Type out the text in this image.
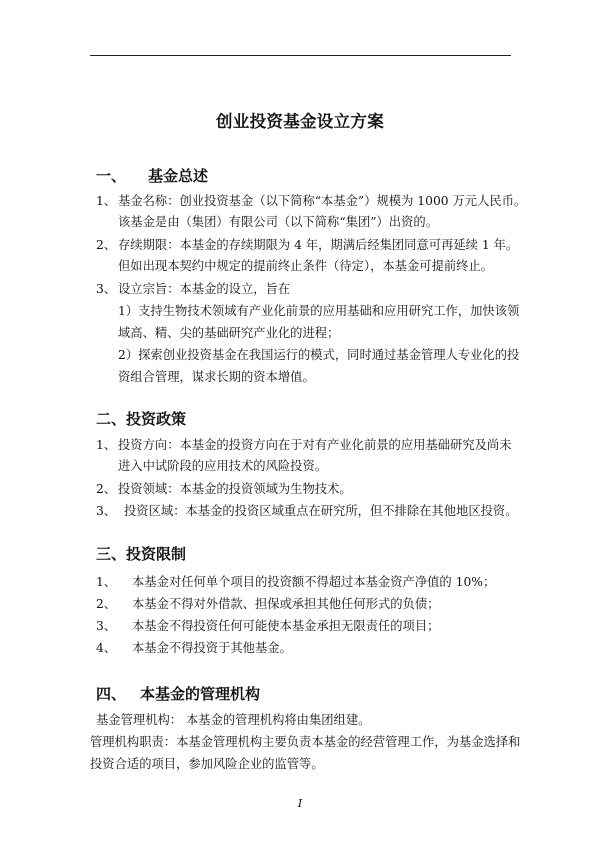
创业投资基金设立方案
一、 基金总述
1、 基金名称：创业投资基金（以下简称“本基金”）规模为 1000 万元人民币。
该基金是由（集团）有限公司（以下简称“集团”）出资的。
2、 存续期限：本基金的存续期限为 4 年，期满后经集团同意可再延续 1 年。
但如出现本契约中规定的提前终止条件（待定），本基金可提前终止。
3、 设立宗旨：本基金的设立，旨在
1）支持生物技术领域有产业化前景的应用基础和应用研究工作，加快该领
域高、精、尖的基础研究产业化的进程；
2）探索创业投资基金在我国运行的模式，同时通过基金管理人专业化的投
资组合管理，谋求长期的资本增值。
二、投资政策
1、 投资方向：本基金的投资方向在于对有产业化前景的应用基础研究及尚未
进入中试阶段的应用技术的风险投资。
2、 投资领域：本基金的投资领域为生物技术。
3、 投资区域：本基金的投资区域重点在研究所，但不排除在其他地区投资。
三、投资限制
1、 本基金对任何单个项目的投资额不得超过本基金资产净值的 10%；
2、 本基金不得对外借款、担保或承担其他任何形式的负债；
3、 本基金不得投资任何可能使本基金承担无限责任的项目；
4、 本基金不得投资于其他基金。
四、 本基金的管理机构
基金管理机构： 本基金的管理机构将由集团组建。
管理机构职责：本基金管理机构主要负责本基金的经营管理工作，为基金选择和
投资合适的项目，参加风险企业的监管等。
I
